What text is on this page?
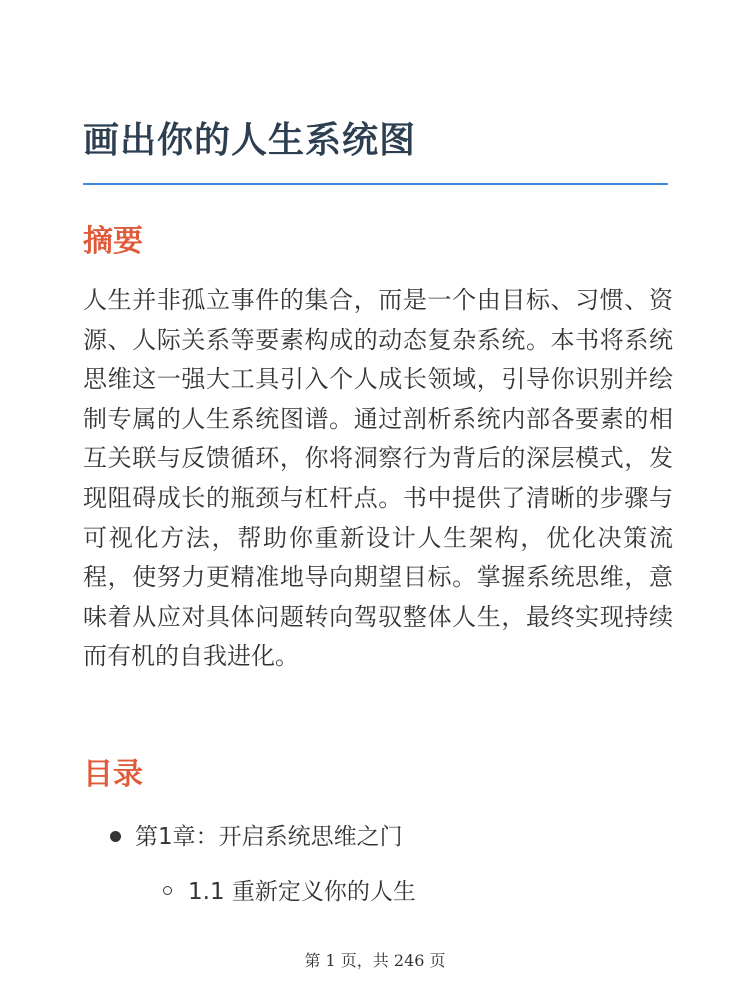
画出你的人生系统图
摘要

人生并非孤立事件的集合，而是一个由目标、习惯、资源、人际关系等要素构成的动态复杂系统。本书将系统思维这一强大工具引入个人成长领域，引导你识别并绘制专属的人生系统图谱。通过剖析系统内部各要素的相互关联与反馈循环，你将洞察行为背后的深层模式，发现阻碍成长的瓶颈与杠杆点。书中提供了清晰的步骤与可视化方法，帮助你重新设计人生架构，优化决策流程，使努力更精准地导向期望目标。掌握系统思维，意味着从应对具体问题转向驾驭整体人生，最终实现持续而有机的自我进化。

目录
第1章：开启系统思维之门
1.1 重新定义你的人生
第 1 页，共 246 页
